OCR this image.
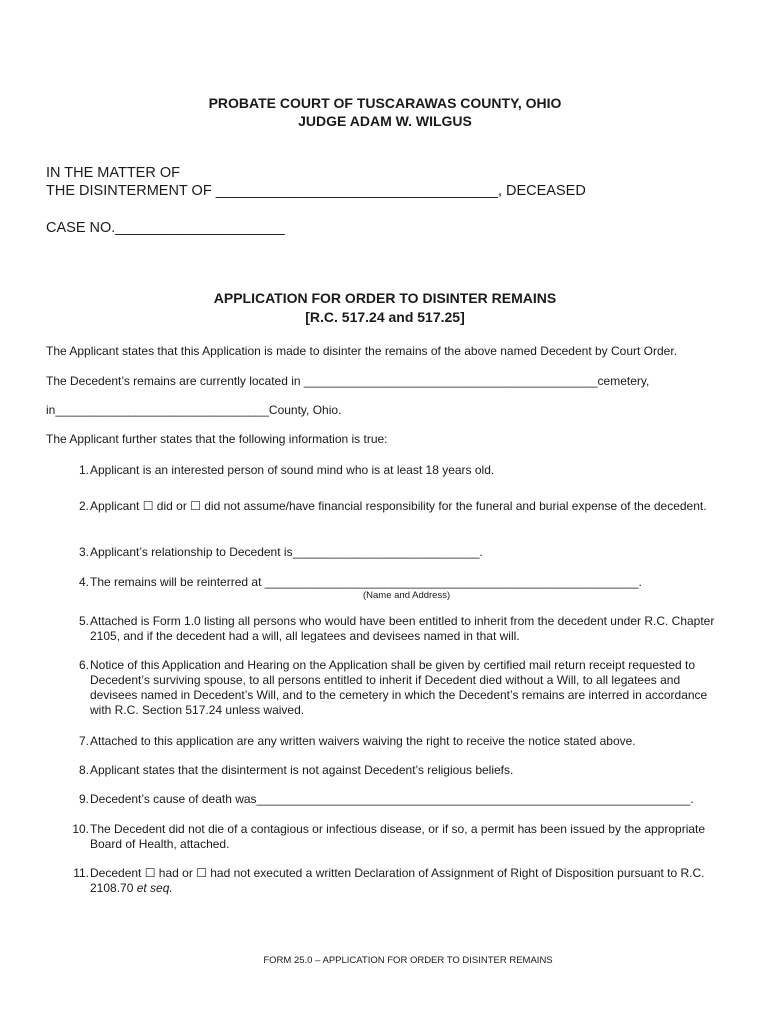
PROBATE COURT OF TUSCARAWAS COUNTY, OHIO
JUDGE ADAM W. WILGUS
IN THE MATTER OF
THE DISINTERMENT OF ___________________________________, DECEASED
CASE NO._____________________
APPLICATION FOR ORDER TO DISINTER REMAINS
[R.C. 517.24 and 517.25]
The Applicant states that this Application is made to disinter the remains of the above named Decedent by Court Order.
The Decedent’s remains are currently located in ____________________________________________cemetery,
in________________________________County, Ohio.
The Applicant further states that the following information is true:
1. Applicant is an interested person of sound mind who is at least 18 years old.
2. Applicant ☐ did or ☐ did not assume/have financial responsibility for the funeral and burial expense of the decedent.
3. Applicant’s relationship to Decedent is____________________________.
4. The remains will be reinterred at ________________________________________________________.
(Name and Address)
5. Attached is Form 1.0 listing all persons who would have been entitled to inherit from the decedent under R.C. Chapter 2105, and if the decedent had a will, all legatees and devisees named in that will.
6. Notice of this Application and Hearing on the Application shall be given by certified mail return receipt requested to Decedent’s surviving spouse, to all persons entitled to inherit if Decedent died without a Will, to all legatees and devisees named in Decedent’s Will, and to the cemetery in which the Decedent’s remains are interred in accordance with R.C. Section 517.24 unless waived.
7. Attached to this application are any written waivers waiving the right to receive the notice stated above.
8. Applicant states that the disinterment is not against Decedent’s religious beliefs.
9. Decedent’s cause of death was_________________________________________________________________.
10. The Decedent did not die of a contagious or infectious disease, or if so, a permit has been issued by the appropriate Board of Health, attached.
11. Decedent ☐ had or ☐ had not executed a written Declaration of Assignment of Right of Disposition pursuant to R.C. 2108.70 et seq.
FORM 25.0 – APPLICATION FOR ORDER TO DISINTER REMAINS
